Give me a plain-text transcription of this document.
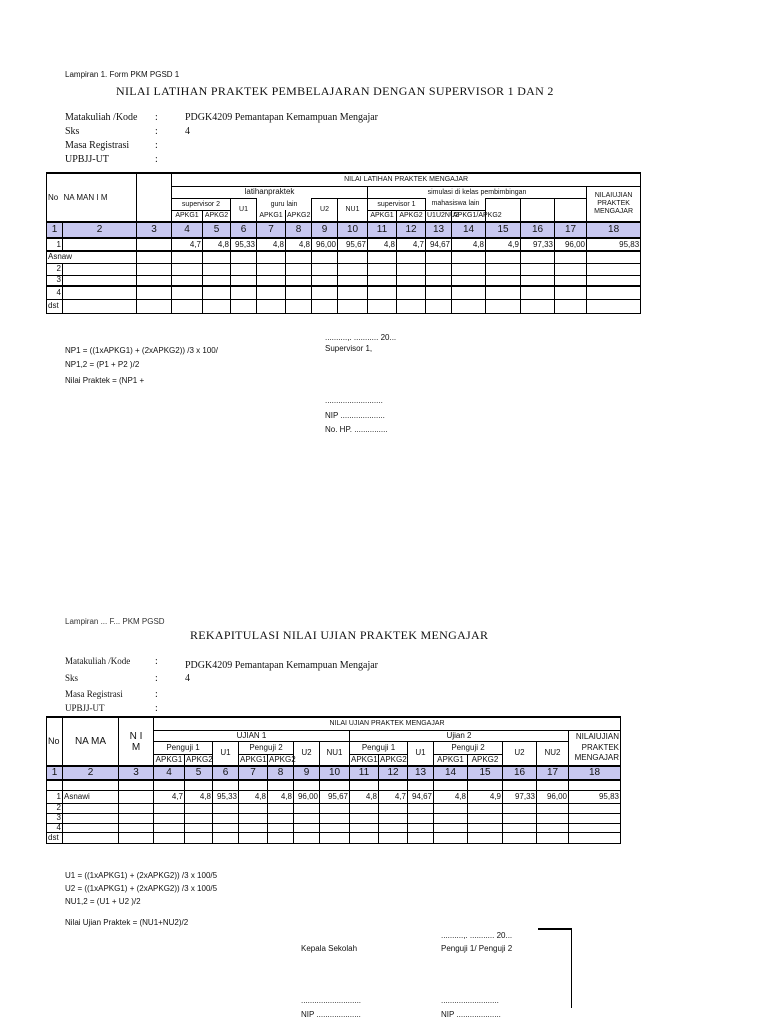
Lampiran 1. Form PKM PGSD 1
NILAI LATIHAN PRAKTEK PEMBELAJARAN DENGAN SUPERVISOR 1 DAN 2
Matakuliah /Kode :	PDGK4209 Pemantapan Kemampuan Mengajar
Sks	:	4
Masa Registrasi	:
UPBJJ-UT	:
No	NA MAN I M		NILAI LATIHAN PRAKTEK MENGAJAR														
			latihanpraktek							simulasi di kelas pembimbingan							NILAIUJIAN
PRAKTEK
MENGAJAR

			supervisor 2		U1	guru lain		U2	NU1	supervisor 1		mahasiswa lain					
			APKG1	APKG2		APKG1	APKG2			APKG1	APKG2	U1U2NU2	APKG1/APKG2				
1	2	3	4	5	6	7	8	9	10	11	12	13	14	15	16	17	18
1			4,7	4,8	95,33	4,8	4,8	96,00	95,67	4,8	4,7	94,67	4,8	4,9	97,33	96,00	95,83
Asnaw																	
2																	
3																	
4																	
dst																	
NP1 = ((1xAPKG1) + (2xAPKG2)) /3 x 100/
NP1,2 = (P1 + P2 )/2
Nilai Praktek = (NP1 +
..........,. ........... 20...
Supervisor 1,
..........................
NIP ....................
No. HP. ...............
Lampiran ... F... PKM PGSD
REKAPITULASI NILAI UJIAN PRAKTEK MENGAJAR
Matakuliah /Kode :	PDGK4209 Pemantapan Kemampuan Mengajar
Sks	:	4
Masa Registrasi	:
UPBJJ-UT	:
No	NA MA	N I
M	NILAI UJIAN PRAKTEK MENGAJAR														
			UJIAN 1							Ujian 2							NILAIUJIAN
PRAKTEK
MENGAJAR

			Penguji 1		U1	Penguji 2		U2	NU1	Penguji 1		U1	Penguji 2		U2	NU2	
			APKG1	APKG2		APKG1	APKG2			APKG1	APKG2		APKG1	APKG2			
1	2	3	4	5	6	7	8	9	10	11	12	13	14	15	16	17	18

1	Asnawi		4,7	4,8	95,33	4,8	4,8	96,00	95,67	4,8	4,7	94,67	4,8	4,9	97,33	96,00	95,83
2																	
3																	
4																	
dst																	
U1 = ((1xAPKG1) + (2xAPKG2)) /3 x 100/5
U2 = ((1xAPKG1) + (2xAPKG2)) /3 x 100/5
NU1,2 = (U1 + U2 )/2
Nilai Ujian Praktek = (NU1+NU2)/2
..........,. ........... 20...
Kepala Sekolah	Penguji 1/ Penguji 2
...........................	..........................
NIP ....................	NIP ....................
